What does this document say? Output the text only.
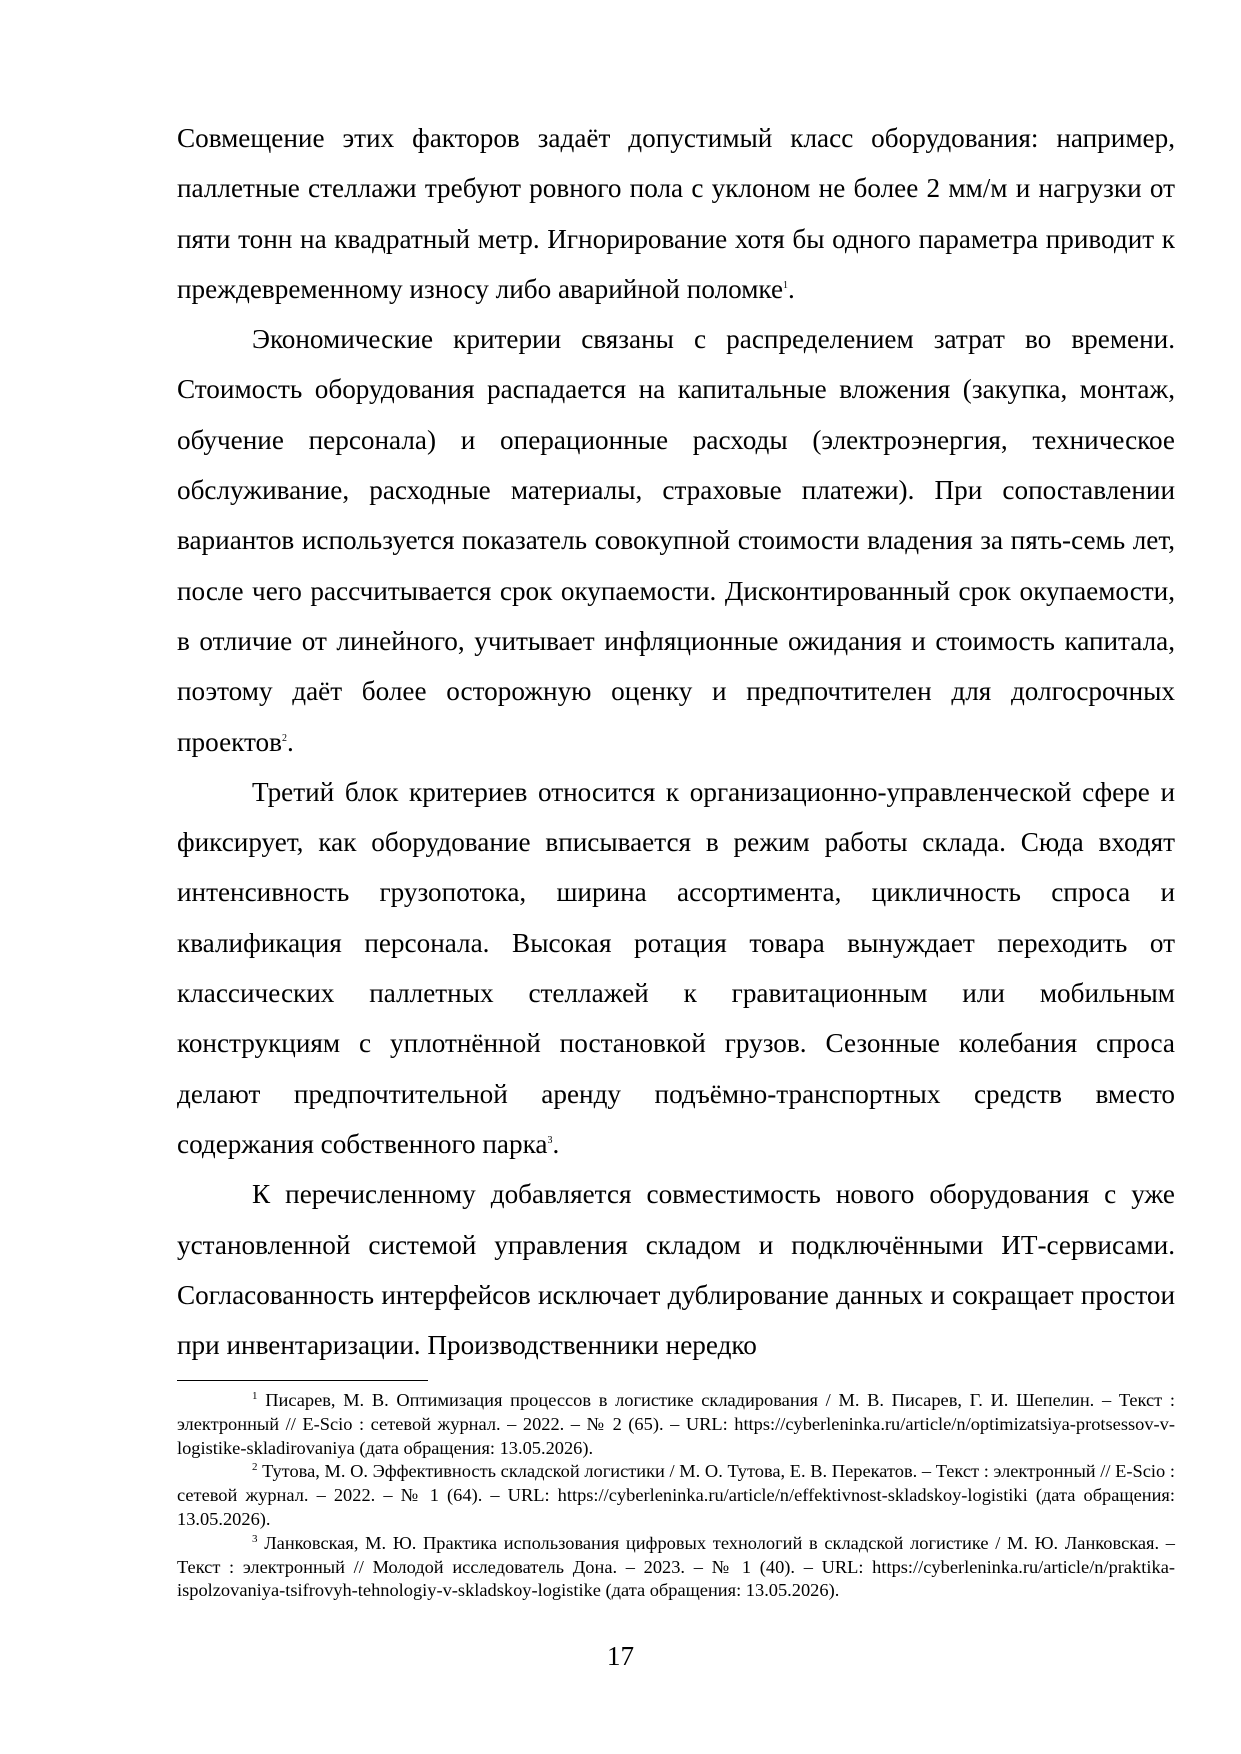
Совмещение этих факторов задаёт допустимый класс оборудования: например, паллетные стеллажи требуют ровного пола с уклоном не более 2 мм/м и нагрузки от пяти тонн на квадратный метр. Игнорирование хотя бы одного параметра приводит к преждевременному износу либо аварийной поломке$^1$.

Экономические критерии связаны с распределением затрат во времени. Стоимость оборудования распадается на капитальные вложения (закупка, монтаж, обучение персонала) и операционные расходы (электроэнергия, техническое обслуживание, расходные материалы, страховые платежи). При сопоставлении вариантов используется показатель совокупной стоимости владения за пять-семь лет, после чего рассчитывается срок окупаемости. Дисконтированный срок окупаемости, в отличие от линейного, учитывает инфляционные ожидания и стоимость капитала, поэтому даёт более осторожную оценку и предпочтителен для долгосрочных проектов$^2$.

Третий блок критериев относится к организационно-управленческой сфере и фиксирует, как оборудование вписывается в режим работы склада. Сюда входят интенсивность грузопотока, ширина ассортимента, цикличность спроса и квалификация персонала. Высокая ротация товара вынуждает переходить от классических паллетных стеллажей к гравитационным или мобильным конструкциям с уплотнённой постановкой грузов. Сезонные колебания спроса делают предпочтительной аренду подъёмно-транспортных средств вместо содержания собственного парка$^3$.

К перечисленному добавляется совместимость нового оборудования с уже установленной системой управления складом и подключёнными ИТ-сервисами. Согласованность интерфейсов исключает дублирование данных и сокращает простои при инвентаризации. Производственники нередко

$^1$ Писарев, М. В. Оптимизация процессов в логистике складирования / М. В. Писарев, Г. И. Шепелин. – Текст : электронный // E-Scio : сетевой журнал. – 2022. – № 2 (65). – URL: https://cyberleninka.ru/article/n/optimizatsiya-protsessov-v-logistike-skladirovaniya (дата обращения: 13.05.2026).

$^2$ Тутова, М. О. Эффективность складской логистики / М. О. Тутова, Е. В. Перекатов. – Текст : электронный // E-Scio : сетевой журнал. – 2022. – № 1 (64). – URL: https://cyberleninka.ru/article/n/effektivnost-skladskoy-logistiki (дата обращения: 13.05.2026).

$^3$ Ланковская, М. Ю. Практика использования цифровых технологий в складской логистике / М. Ю. Ланковская. – Текст : электронный // Молодой исследователь Дона. – 2023. – № 1 (40). – URL: https://cyberleninka.ru/article/n/praktika-ispolzovaniya-tsifrovyh-tehnologiy-v-skladskoy-logistike (дата обращения: 13.05.2026).

17
